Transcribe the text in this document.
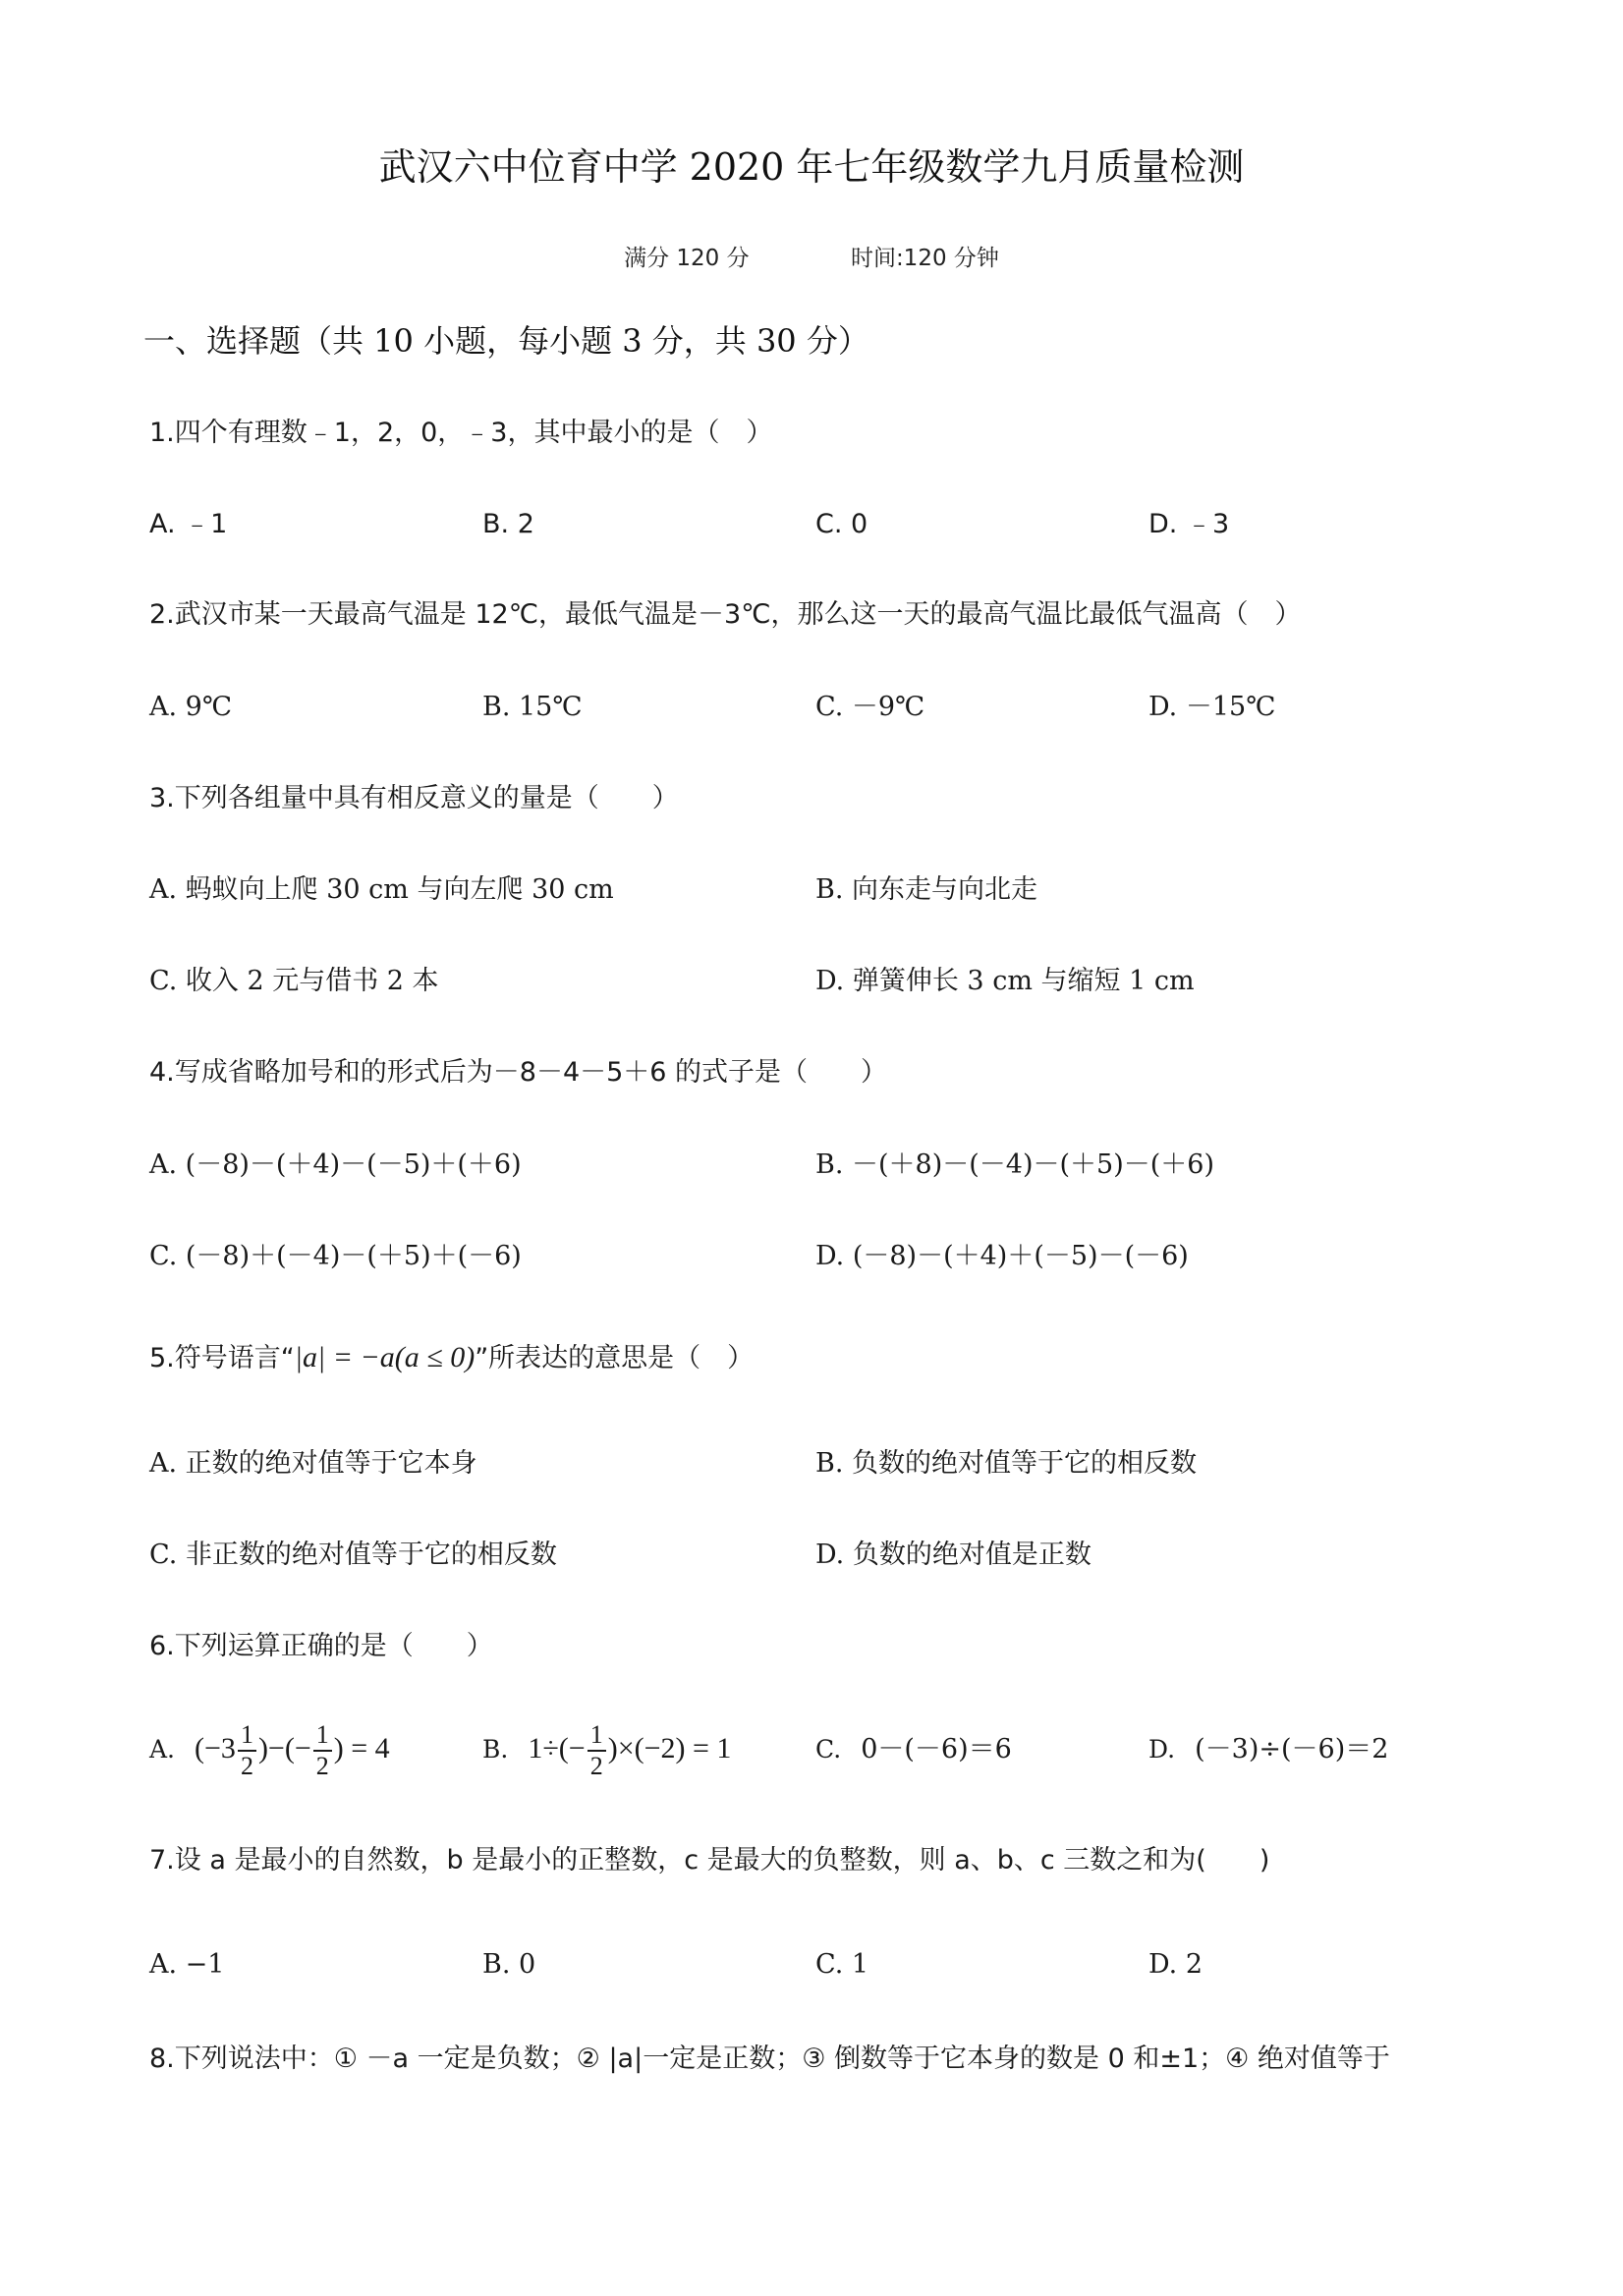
武汉六中位育中学 2020 年七年级数学九月质量检测
满分 120 分	时间:120 分钟
一、选择题（共 10 小题，每小题 3 分，共 30 分）
1.四个有理数﹣1，2，0，﹣3，其中最小的是（　）
A. ﹣1	B. 2	C. 0	D. ﹣3
2.武汉市某一天最高气温是 12℃，最低气温是－3℃，那么这一天的最高气温比最低气温高（　）
A. 9℃	B. 15℃	C. －9℃	D. －15℃
3.下列各组量中具有相反意义的量是（　　）
A. 蚂蚁向上爬 30 cm 与向左爬 30 cm	B. 向东走与向北走
C. 收入 2 元与借书 2 本	D. 弹簧伸长 3 cm 与缩短 1 cm
4.写成省略加号和的形式后为－8－4－5＋6 的式子是（　　）
A. (－8)－(＋4)－(－5)＋(＋6)	B. －(＋8)－(－4)－(＋5)－(＋6)
C. (－8)＋(－4)－(＋5)＋(－6)	D. (－8)－(＋4)＋(－5)－(－6)
5.符号语言“|a| = −a(a ≤ 0)”所表达的意思是（　）
A. 正数的绝对值等于它本身	B. 负数的绝对值等于它的相反数
C. 非正数的绝对值等于它的相反数	D. 负数的绝对值是正数
6.下列运算正确的是（　　）
A. ($-3 \frac{1}{2}$ )−(− $\frac{1}{2}$ ) = 4	B. $1\div(- \frac{1}{2} )\times(-2) = 1$	C. 0－(－6)＝6	D. (－3)÷(－6)＝2
7.设 a 是最小的自然数，b 是最小的正整数，c 是最大的负整数，则 a、b、c 三数之和为(　　)
A. −1	B. 0	C. 1	D. 2
8.下列说法中：① －a 一定是负数；② |a|一定是正数；③ 倒数等于它本身的数是 0 和±1；④ 绝对值等于
